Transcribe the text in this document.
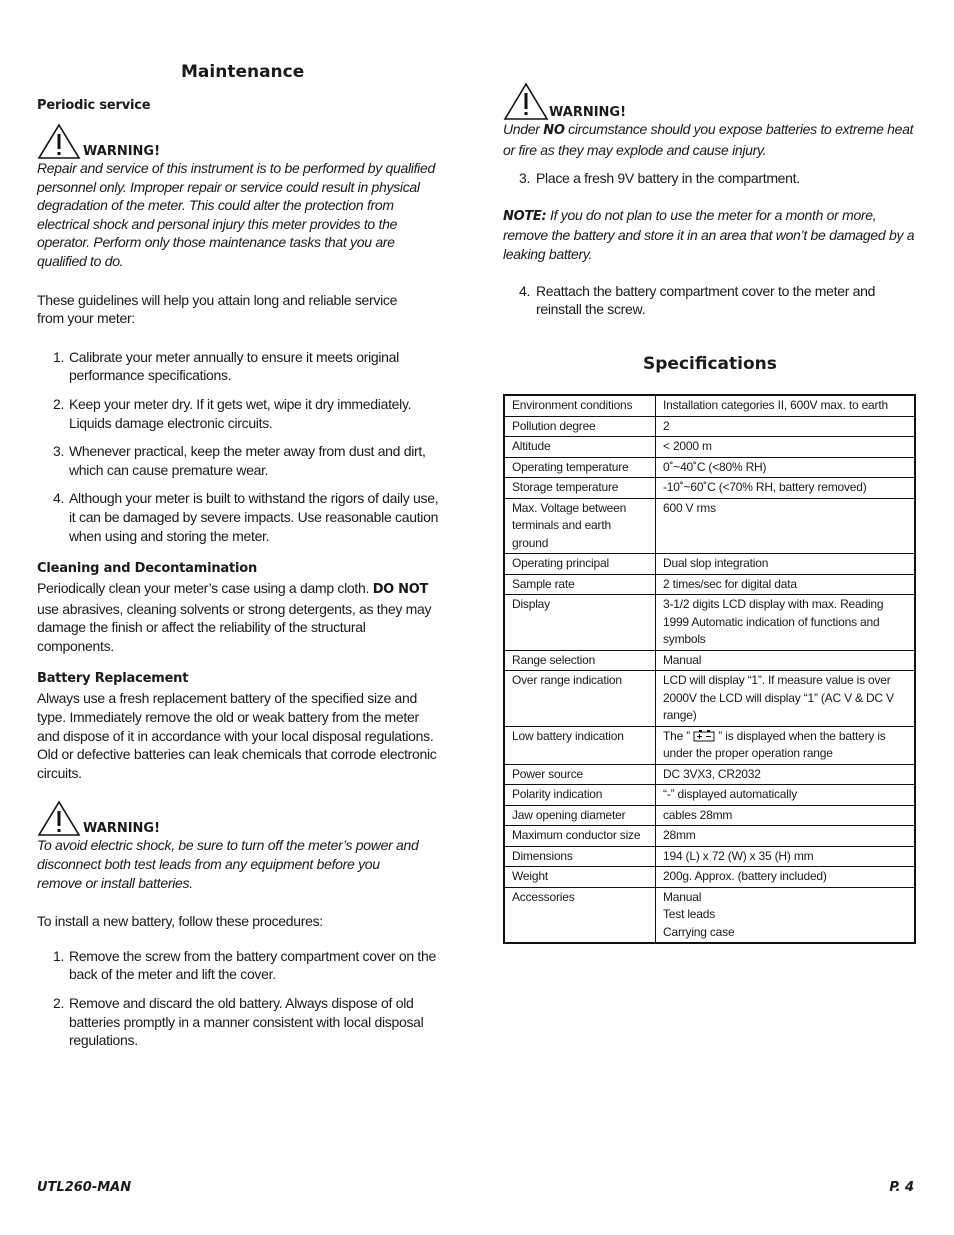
Maintenance
Periodic service
WARNING!

Repair and service of this instrument is to be performed by qualified personnel only. Improper repair or service could result in physical degradation of the meter. This could alter the protection from electrical shock and personal injury this meter provides to the operator. Perform only those maintenance tasks that you are qualified to do.

These guidelines will help you attain long and reliable service from your meter:

1. Calibrate your meter annually to ensure it meets original performance specifications.
2. Keep your meter dry. If it gets wet, wipe it dry immediately. Liquids damage electronic circuits.
3. Whenever practical, keep the meter away from dust and dirt, which can cause premature wear.
4. Although your meter is built to withstand the rigors of daily use, it can be damaged by severe impacts. Use reasonable caution when using and storing the meter.
Cleaning and Decontamination

Periodically clean your meter’s case using a damp cloth. DO NOT use abrasives, cleaning solvents or strong detergents, as they may damage the finish or affect the reliability of the structural components.

Battery Replacement

Always use a fresh replacement battery of the specified size and type. Immediately remove the old or weak battery from the meter and dispose of it in accordance with your local disposal regulations. Old or defective batteries can leak chemicals that corrode electronic circuits.

WARNING!

To avoid electric shock, be sure to turn off the meter’s power and disconnect both test leads from any equipment before you remove or install batteries.

To install a new battery, follow these procedures:

1. Remove the screw from the battery compartment cover on the back of the meter and lift the cover.
2. Remove and discard the old battery. Always dispose of old batteries promptly in a manner consistent with local disposal regulations.
WARNING!

Under NO circumstance should you expose batteries to extreme heat or fire as they may explode and cause injury.

3. Place a fresh 9V battery in the compartment.

NOTE: If you do not plan to use the meter for a month or more, remove the battery and store it in an area that won’t be damaged by a leaking battery.

4. Reattach the battery compartment cover to the meter and reinstall the screw.
Specifications
Environment conditions	Installation categories II, 600V max. to earth
Pollution degree	2
Altitude	< 2000 m
Operating temperature	0˚~40˚C (<80% RH)
Storage temperature	-10˚~60˚C (<70% RH, battery removed)
Max. Voltage between terminals and earth ground	600 V rms
Operating principal	Dual slop integration
Sample rate	2 times/sec for digital data
Display	3-1/2 digits LCD display with max. Reading 1999 Automatic indication of functions and symbols
Range selection	Manual
Over range indication	LCD will display “1”. If measure value is over 2000V the LCD will display “1” (AC V & DC V range)
Low battery indication	The ” ” is displayed when the battery is under the proper operation range
Power source	DC 3VX3, CR2032
Polarity indication	“-” displayed automatically
Jaw opening diameter	cables 28mm
Maximum conductor size	28mm
Dimensions	194 (L) x 72 (W) x 35 (H) mm
Weight	200g. Approx. (battery included)
Accessories	Manual
Test leads
Carrying case
UTL260-MAN	P. 4
